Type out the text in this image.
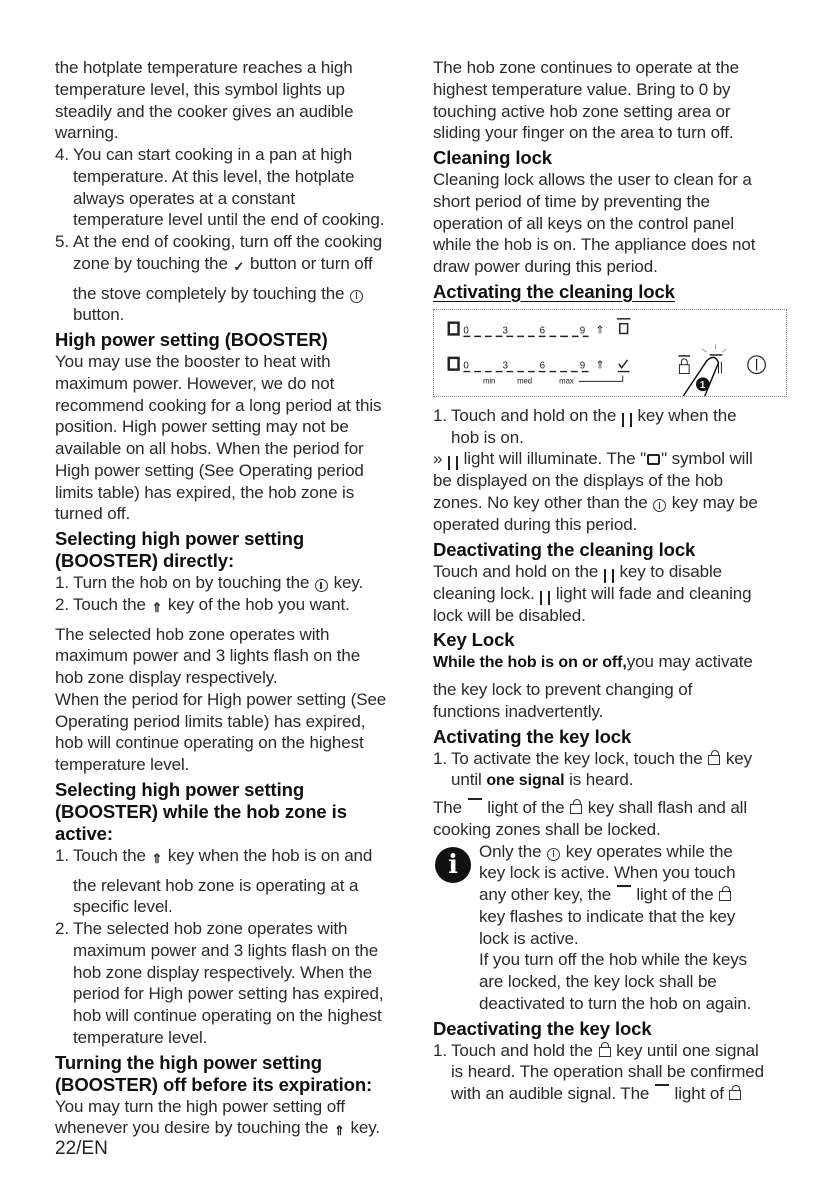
the hotplate temperature reaches a high
temperature level, this symbol lights up
steadily and the cooker gives an audible
warning.
4. You can start cooking in a pan at high
temperature. At this level, the hotplate
always operates at a constant
temperature level until the end of cooking.
5. At the end of cooking, turn off the cooking
zone by touching the  button or turn off
the stove completely by touching the
button.
High power setting (BOOSTER)
You may use the booster to heat with
maximum power. However, we do not
recommend cooking for a long period at this
position. High power setting may not be
available on all hobs. When the period for
High power setting (See Operating period
limits table) has expired, the hob zone is
turned off.
Selecting high power setting
(BOOSTER) directly:
1. Turn the hob on by touching the  key.
2. Touch the  key of the hob you want.
The selected hob zone operates with
maximum power and 3 lights flash on the
hob zone display respectively.
When the period for High power setting (See
Operating period limits table) has expired,
hob will continue operating on the highest
temperature level.
Selecting high power setting
(BOOSTER) while the hob zone is
active:
1. Touch the  key when the hob is on and
the relevant hob zone is operating at a
specific level.
2. The selected hob zone operates with
maximum power and 3 lights flash on the
hob zone display respectively. When the
period for High power setting has expired,
hob will continue operating on the highest
temperature level.
Turning the high power setting
(BOOSTER) off before its expiration:
You may turn the high power setting off
whenever you desire by touching the  key.
The hob zone continues to operate at the
highest temperature value. Bring to 0 by
touching active hob zone setting area or
sliding your finger on the area to turn off.
Cleaning lock
Cleaning lock allows the user to clean for a
short period of time by preventing the
operation of all keys on the control panel
while the hob is on. The appliance does not
draw power during this period.
Activating the cleaning lock
0	3	6	9 ⇑
0	3	6	9 ⇑
min	med	max	1
1. Touch and hold on the  key when the
hob is on.
»  light will illuminate. The " " symbol will
be displayed on the displays of the hob
zones. No key other than the  key may be
operated during this period.
Deactivating the cleaning lock
Touch and hold on the  key to disable
cleaning lock.  light will fade and cleaning
lock will be disabled.
Key Lock
While the hob is on or off,you may activate
the key lock to prevent changing of
functions inadvertently.
Activating the key lock
1. To activate the key lock, touch the  key
until one signal is heard.
The  light of the  key shall flash and all
cooking zones shall be locked.
i	Only the  key operates while the
key lock is active. When you touch
any other key, the  light of the
key flashes to indicate that the key
lock is active.
If you turn off the hob while the keys
are locked, the key lock shall be
deactivated to turn the hob on again.
Deactivating the key lock
1. Touch and hold the  key until one signal
is heard. The operation shall be confirmed
with an audible signal. The  light of
22/EN
